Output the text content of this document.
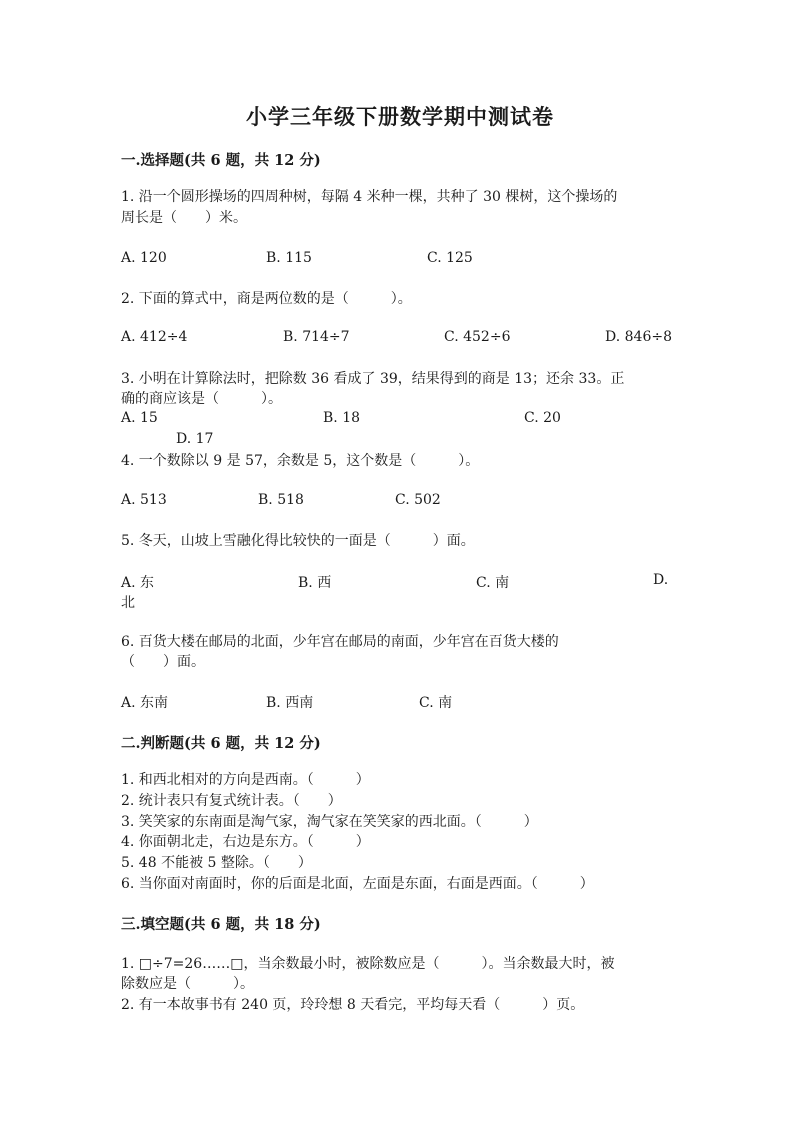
小学三年级下册数学期中测试卷
一.选择题(共 6 题，共 12 分)
1. 沿一个圆形操场的四周种树，每隔 4 米种一棵，共种了 30 棵树，这个操场的
周长是（　　）米。
A. 120	B. 115	C. 125
2. 下面的算式中，商是两位数的是（　　　）。
A. 412÷4	B. 714÷7	C. 452÷6	D. 846÷8
3. 小明在计算除法时，把除数 36 看成了 39，结果得到的商是 13；还余 33。正
确的商应该是（　　　）。
A. 15	B. 18	C. 20
D. 17
4. 一个数除以 9 是 57，余数是 5，这个数是（　　　）。
A. 513	B. 518	C. 502
5. 冬天，山坡上雪融化得比较快的一面是（　　　）面。
A. 东	B. 西	C. 南	D.
北
6. 百货大楼在邮局的北面，少年宫在邮局的南面，少年宫在百货大楼的
（　　）面。
A. 东南	B. 西南	C. 南
二.判断题(共 6 题，共 12 分)
1. 和西北相对的方向是西南。（　　　）
2. 统计表只有复式统计表。（　　）
3. 笑笑家的东南面是淘气家，淘气家在笑笑家的西北面。（　　　）
4. 你面朝北走，右边是东方。（　　　）
5. 48 不能被 5 整除。（　　）
6. 当你面对南面时，你的后面是北面，左面是东面，右面是西面。（　　　）
三.填空题(共 6 题，共 18 分)
1. □÷7=26……□，当余数最小时，被除数应是（　　　）。当余数最大时，被
除数应是（　　　）。
2. 有一本故事书有 240 页，玲玲想 8 天看完，平均每天看（　　　）页。
